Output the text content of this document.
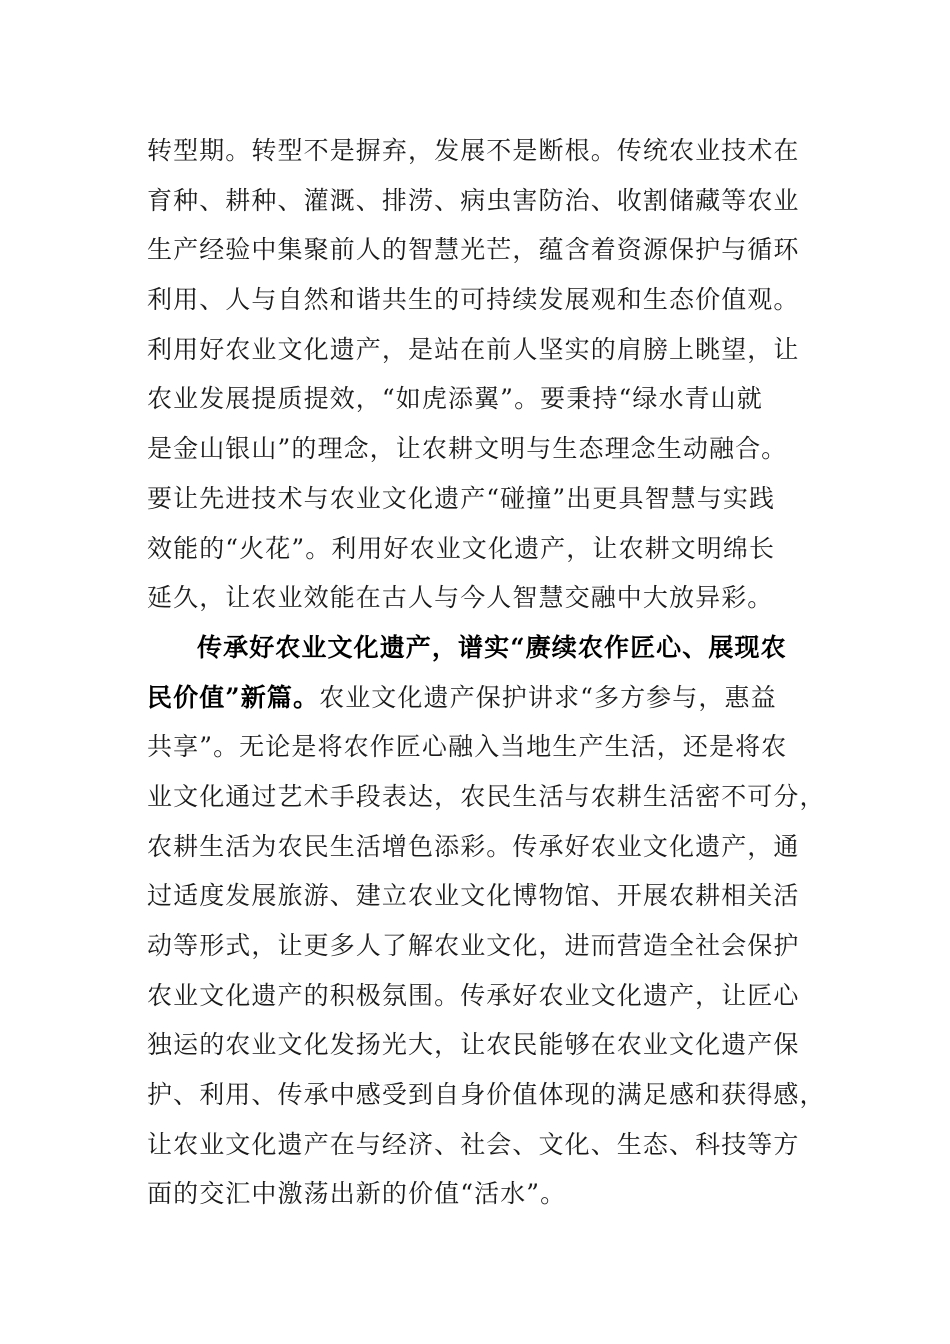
转型期。转型不是摒弃，发展不是断根。传统农业技术在
育种、耕种、灌溉、排涝、病虫害防治、收割储藏等农业
生产经验中集聚前人的智慧光芒，蕴含着资源保护与循环
利用、人与自然和谐共生的可持续发展观和生态价值观。
利用好农业文化遗产，是站在前人坚实的肩膀上眺望，让
农业发展提质提效，“如虎添翼”。要秉持“绿水青山就
是金山银山”的理念，让农耕文明与生态理念生动融合。
要让先进技术与农业文化遗产“碰撞”出更具智慧与实践
效能的“火花”。利用好农业文化遗产，让农耕文明绵长
延久，让农业效能在古人与今人智慧交融中大放异彩。
传承好农业文化遗产，谱实“赓续农作匠心、展现农
民价值”新篇。农业文化遗产保护讲求“多方参与，惠益
共享”。无论是将农作匠心融入当地生产生活，还是将农
业文化通过艺术手段表达，农民生活与农耕生活密不可分，
农耕生活为农民生活增色添彩。传承好农业文化遗产，通
过适度发展旅游、建立农业文化博物馆、开展农耕相关活
动等形式，让更多人了解农业文化，进而营造全社会保护
农业文化遗产的积极氛围。传承好农业文化遗产，让匠心
独运的农业文化发扬光大，让农民能够在农业文化遗产保
护、利用、传承中感受到自身价值体现的满足感和获得感，
让农业文化遗产在与经济、社会、文化、生态、科技等方
面的交汇中激荡出新的价值“活水”。
